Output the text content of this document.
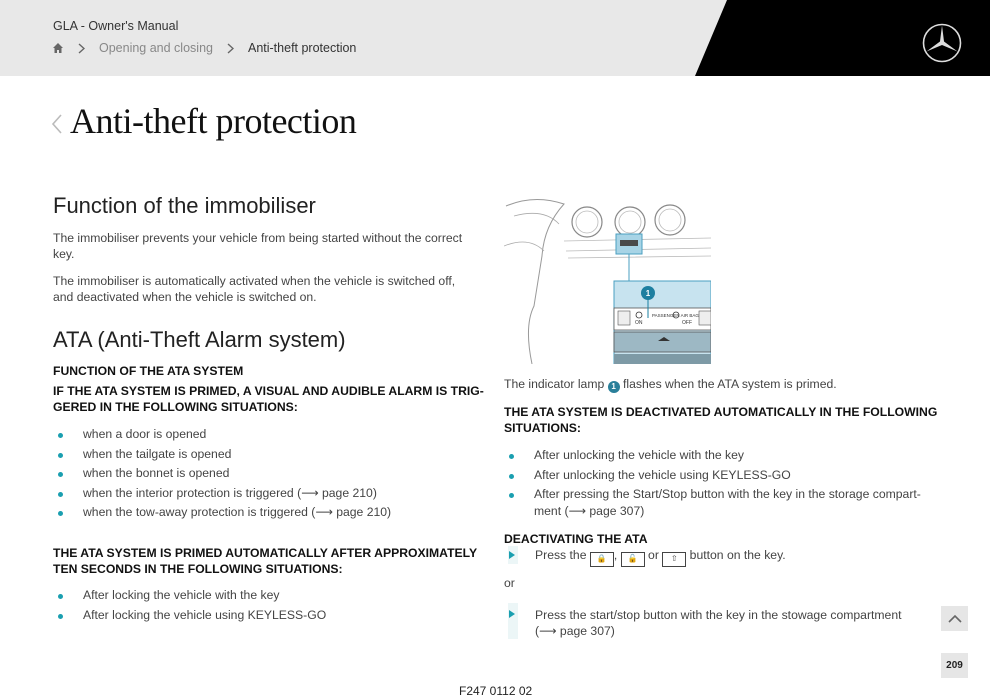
GLA - Owner's Manual
Opening and closing	Anti-theft protection
Anti-theft protection
Function of the immobiliser

The immobiliser prevents your vehicle from being started without the correct

key.

The immobiliser is automatically activated when the vehicle is switched off,

and deactivated when the vehicle is switched on.

ATA (Anti-Theft Alarm system)

FUNCTION OF THE ATA SYSTEM

IF THE ATA SYSTEM IS PRIMED, A VISUAL AND AUDIBLE ALARM IS TRIG-

GERED IN THE FOLLOWING SITUATIONS:

when a door is opened
when the tailgate is opened
when the bonnet is opened
when the interior protection is triggered (⟶ page 210)
when the tow-away protection is triggered (⟶ page 210)

THE ATA SYSTEM IS PRIMED AUTOMATICALLY AFTER APPROXIMATELY

TEN SECONDS IN THE FOLLOWING SITUATIONS:

After locking the vehicle with the key
After locking the vehicle using KEYLESS-GO
ON
PASSENGER AIR BAG
OFF
1

The indicator lamp 1 flashes when the ATA system is primed.

THE ATA SYSTEM IS DEACTIVATED AUTOMATICALLY IN THE FOLLOWING

SITUATIONS:

After unlocking the vehicle with the key
After unlocking the vehicle using KEYLESS-GO
After pressing the Start/Stop button with the key in the storage compart-

ment (⟶ page 307)

DEACTIVATING THE ATA

Press the 🔒 , 🔓 or ⇧ button on the key.

or

Press the start/stop button with the key in the stowage compartment

(⟶ page 307)

209
F247 0112 02
